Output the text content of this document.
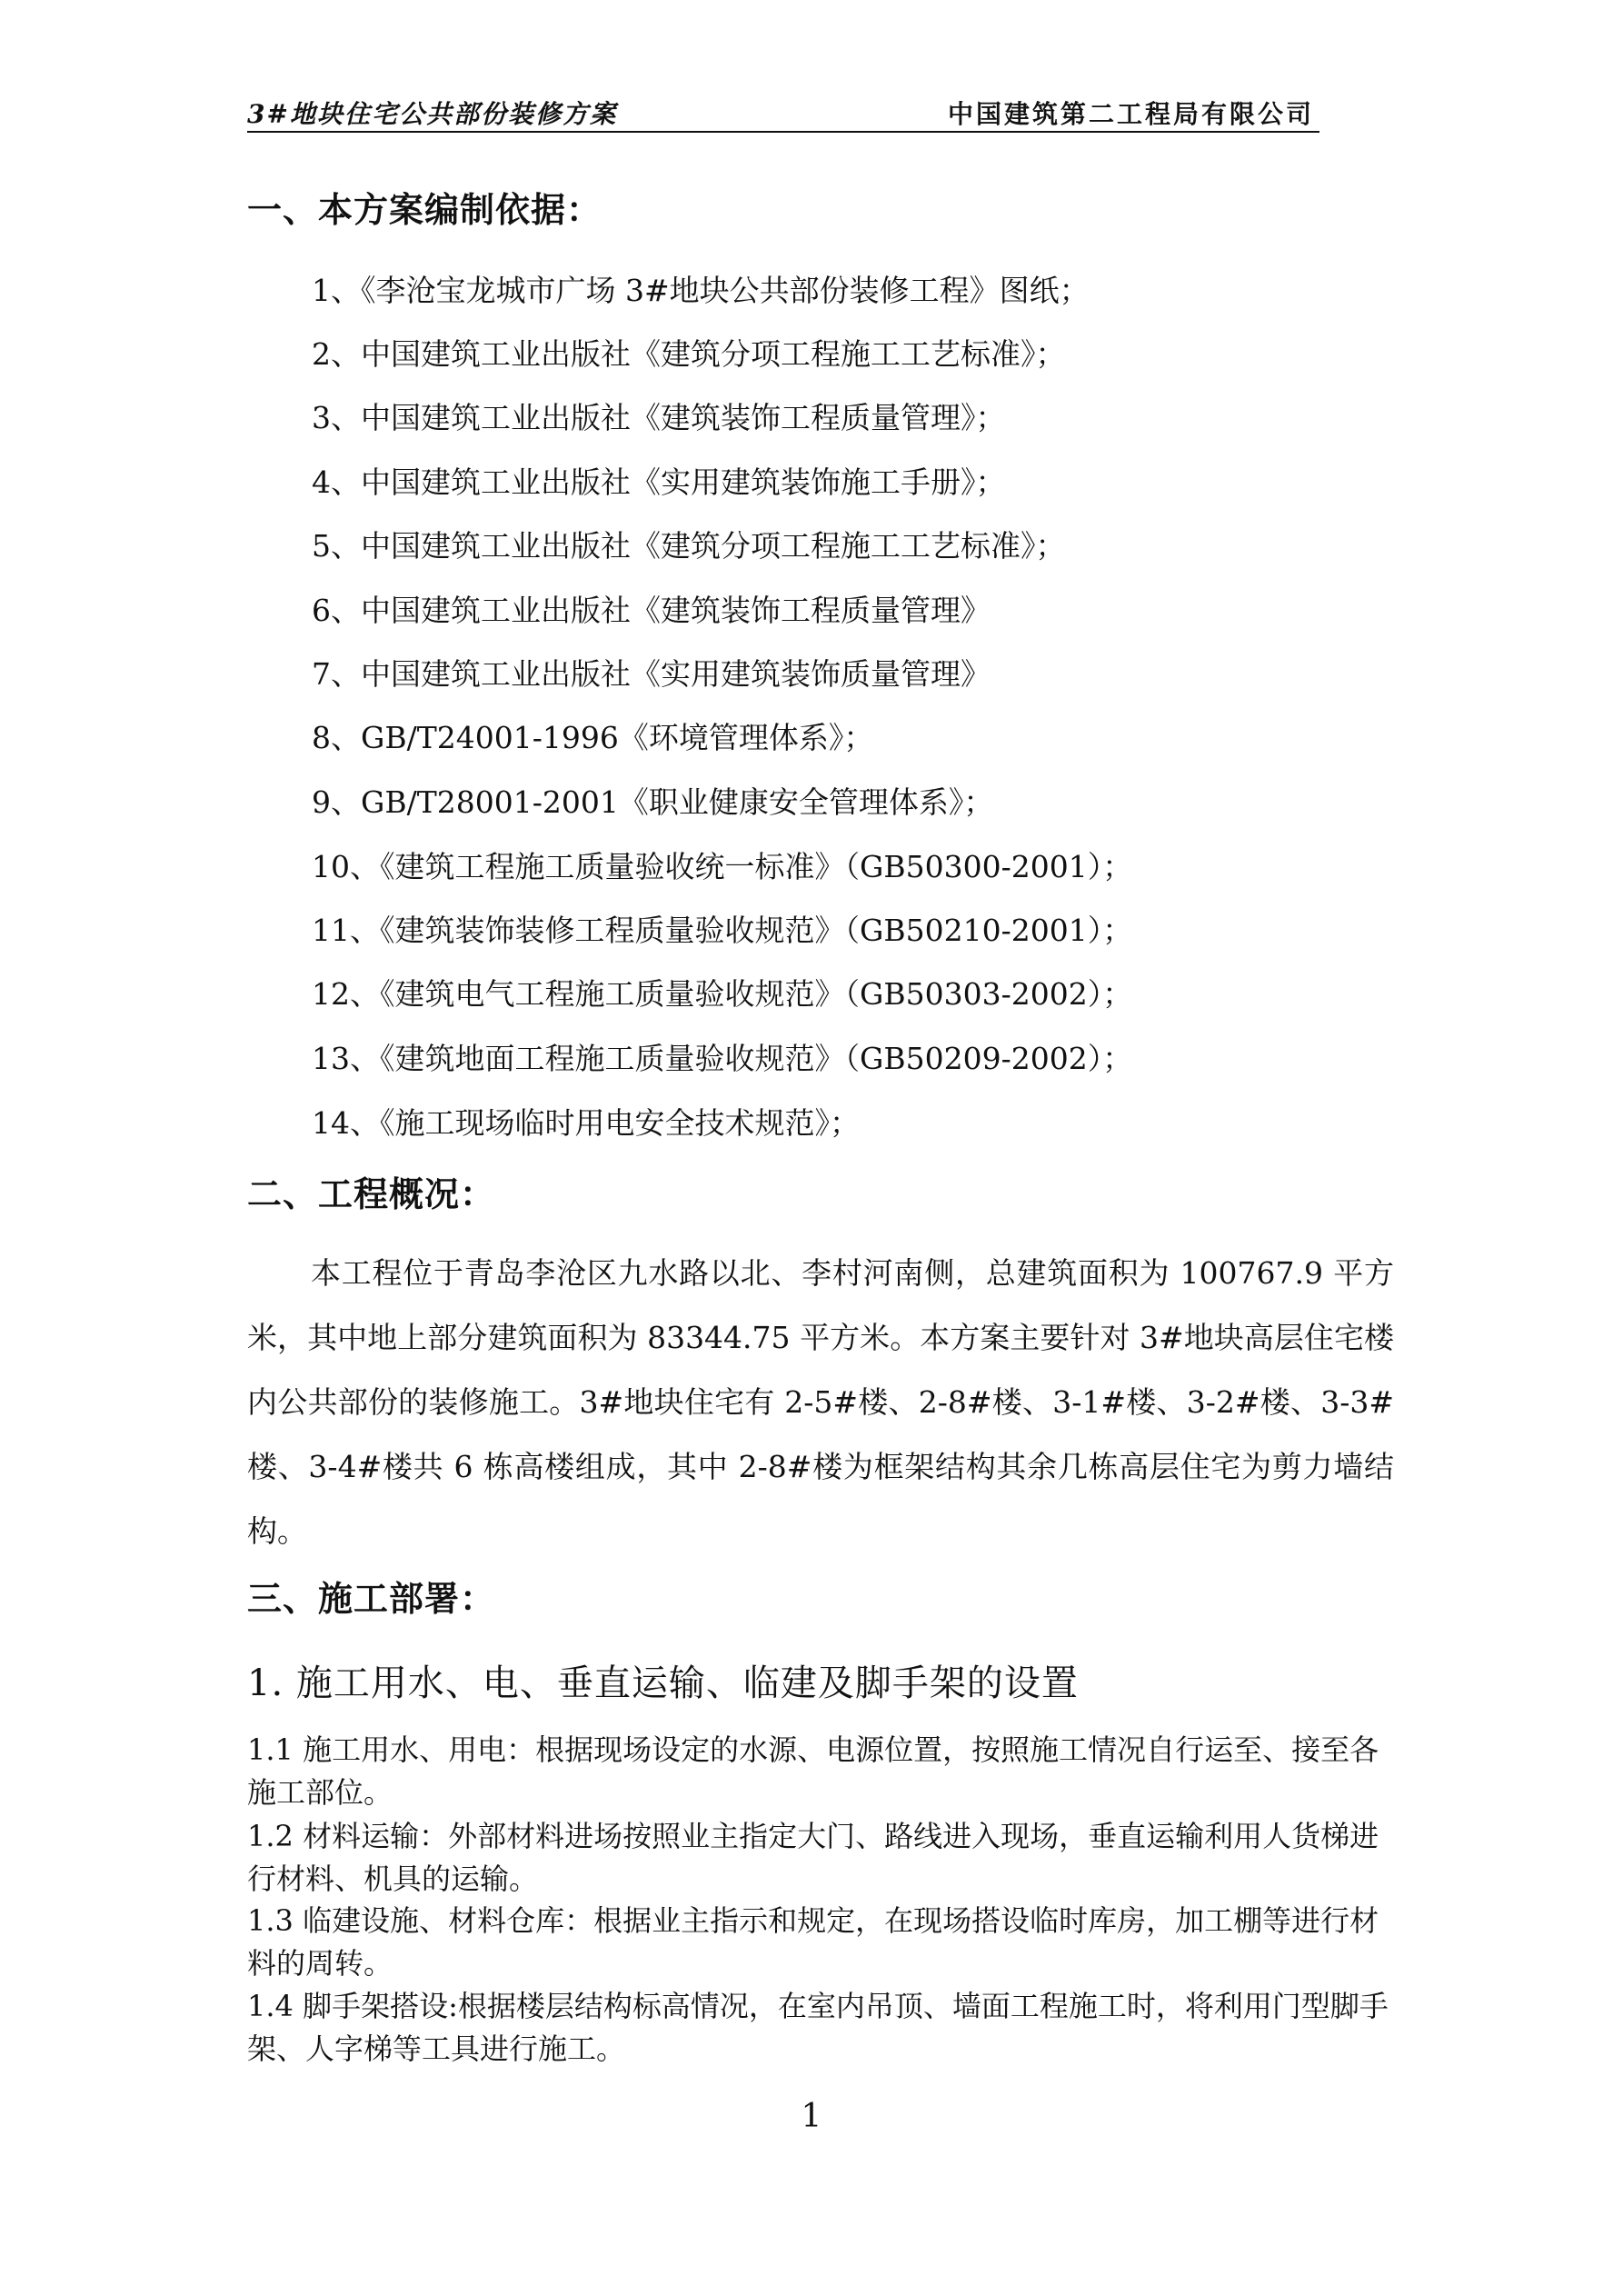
3#地块住宅公共部份装修方案	中国建筑第二工程局有限公司
一、本方案编制依据：
1、《李沧宝龙城市广场 3#地块公共部份装修工程》图纸；
2、中国建筑工业出版社《建筑分项工程施工工艺标准》；
3、中国建筑工业出版社《建筑装饰工程质量管理》；
4、中国建筑工业出版社《实用建筑装饰施工手册》；
5、中国建筑工业出版社《建筑分项工程施工工艺标准》；
6、中国建筑工业出版社《建筑装饰工程质量管理》
7、中国建筑工业出版社《实用建筑装饰质量管理》
8、GB/T24001-1996《环境管理体系》；
9、GB/T28001-2001《职业健康安全管理体系》；
10、《建筑工程施工质量验收统一标准》（GB50300-2001）；
11、《建筑装饰装修工程质量验收规范》（GB50210-2001）；
12、《建筑电气工程施工质量验收规范》（GB50303-2002）；
13、《建筑地面工程施工质量验收规范》（GB50209-2002）；
14、《施工现场临时用电安全技术规范》；
二、工程概况：
本工程位于青岛李沧区九水路以北、李村河南侧，总建筑面积为 100767.9 平方米，其中地上部分建筑面积为 83344.75 平方米。本方案主要针对 3#地块高层住宅楼内公共部份的装修施工。3#地块住宅有 2-5#楼、2-8#楼、3-1#楼、3-2#楼、3-3#楼、3-4#楼共 6 栋高楼组成，其中 2-8#楼为框架结构其余几栋高层住宅为剪力墙结构。
三、施工部署：
1. 施工用水、电、垂直运输、临建及脚手架的设置
1.1 施工用水、用电：根据现场设定的水源、电源位置，按照施工情况自行运至、接至各施工部位。
1.2 材料运输：外部材料进场按照业主指定大门、路线进入现场，垂直运输利用人货梯进行材料、机具的运输。
1.3 临建设施、材料仓库：根据业主指示和规定，在现场搭设临时库房，加工棚等进行材料的周转。
1.4 脚手架搭设:根据楼层结构标高情况，在室内吊顶、墙面工程施工时，将利用门型脚手架、人字梯等工具进行施工。
1
